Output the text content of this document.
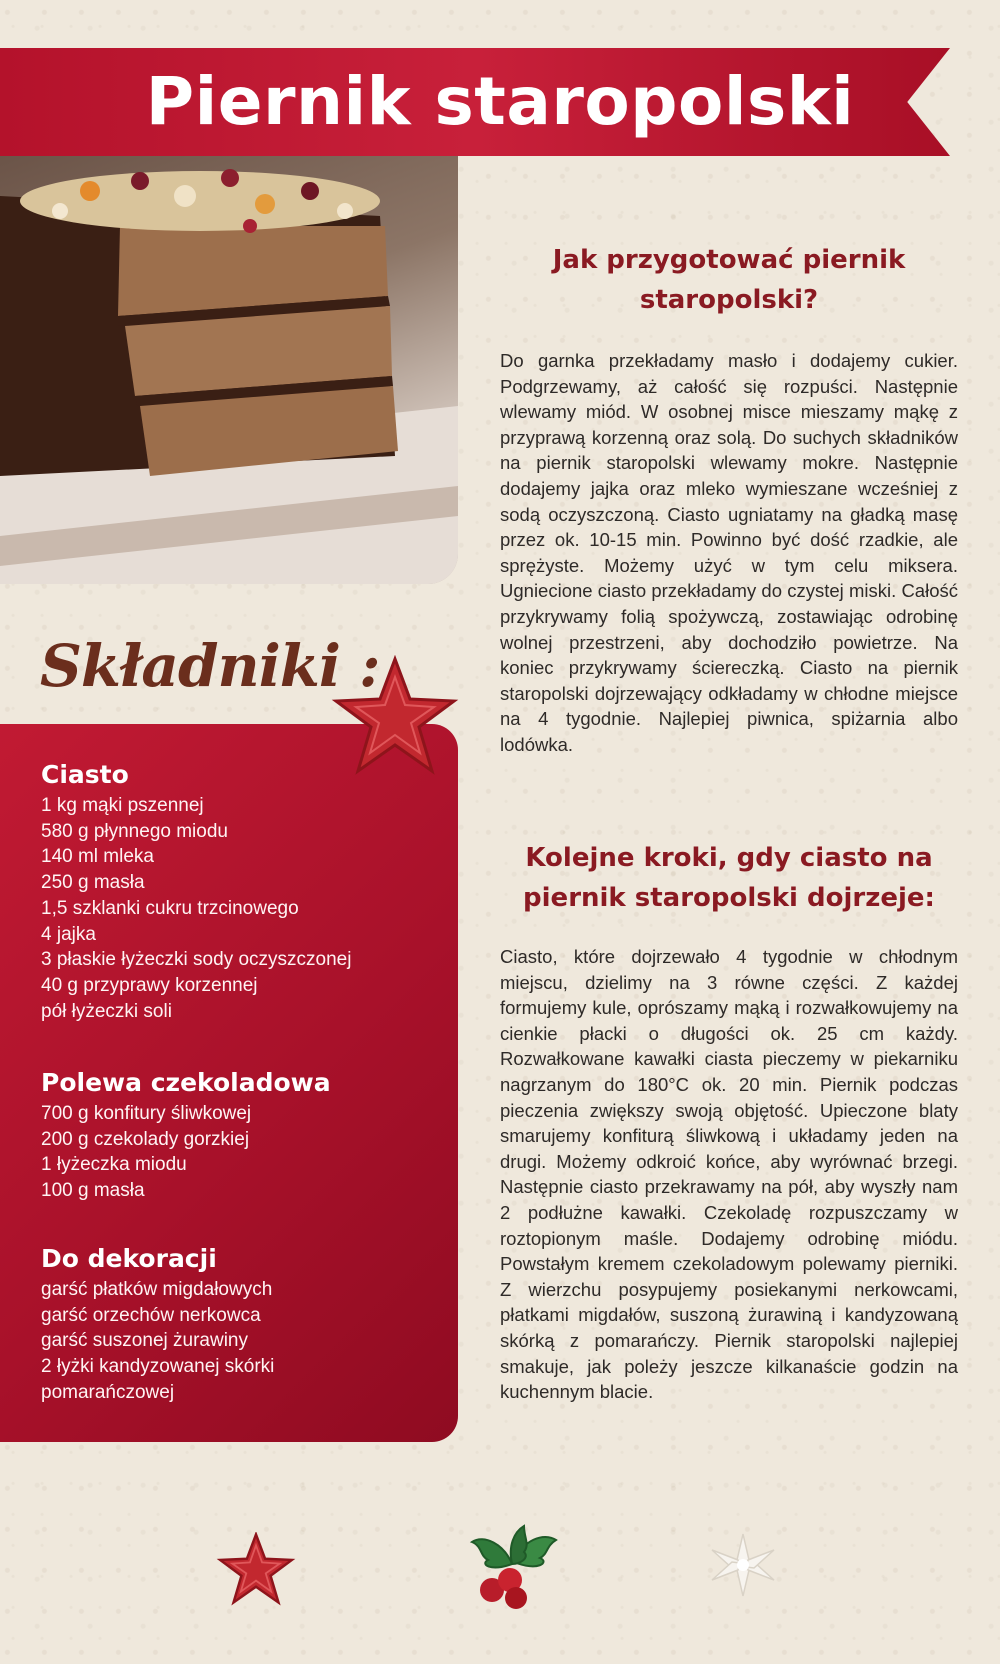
Piernik staropolski
Składniki :
Ciasto
1 kg mąki pszennej
580 g płynnego miodu
140 ml mleka
250 g masła
1,5 szklanki cukru trzcinowego
4 jajka
3 płaskie łyżeczki sody oczyszczonej
40 g przyprawy korzennej
pół łyżeczki soli
Polewa czekoladowa
700 g konfitury śliwkowej
200 g czekolady gorzkiej
1 łyżeczka miodu
100 g masła
Do dekoracji
garść płatków migdałowych
garść orzechów nerkowca
garść suszonej żurawiny
2 łyżki kandyzowanej skórki
pomarańczowej
Jak przygotować piernik staropolski?

Do garnka przekładamy masło i dodajemy cukier. Podgrzewamy, aż całość się rozpuści. Następnie wlewamy miód. W osobnej misce mieszamy mąkę z przyprawą korzenną oraz solą. Do suchych składników na piernik staropolski wlewamy mokre. Następnie dodajemy jajka oraz mleko wymieszane wcześniej z sodą oczyszczoną. Ciasto ugniatamy na gładką masę przez ok. 10-15 min. Powinno być dość rzadkie, ale sprężyste. Możemy użyć w tym celu miksera. Ugniecione ciasto przekładamy do czystej miski. Całość przykrywamy folią spożywczą, zostawiając odrobinę wolnej przestrzeni, aby dochodziło powietrze. Na koniec przykrywamy ściereczką. Ciasto na piernik staropolski dojrzewający odkładamy w chłodne miejsce na 4 tygodnie. Najlepiej piwnica, spiżarnia albo lodówka.

Kolejne kroki, gdy ciasto na piernik staropolski dojrzeje:

Ciasto, które dojrzewało 4 tygodnie w chłodnym miejscu, dzielimy na 3 równe części. Z każdej formujemy kule, oprószamy mąką i rozwałkowujemy na cienkie płacki o długości ok. 25 cm każdy. Rozwałkowane kawałki ciasta pieczemy w piekarniku nagrzanym do 180°C ok. 20 min. Piernik podczas pieczenia zwiększy swoją objętość. Upieczone blaty smarujemy konfiturą śliwkową i układamy jeden na drugi. Możemy odkroić końce, aby wyrównać brzegi. Następnie ciasto przekrawamy na pół, aby wyszły nam 2 podłużne kawałki. Czekoladę rozpuszczamy w roztopionym maśle. Dodajemy odrobinę miódu. Powstałym kremem czekoladowym polewamy pierniki. Z wierzchu posypujemy posiekanymi nerkowcami, płatkami migdałów, suszoną żurawiną i kandyzowaną skórką z pomarańczy. Piernik staropolski najlepiej smakuje, jak poleży jeszcze kilkanaście godzin na kuchennym blacie.
